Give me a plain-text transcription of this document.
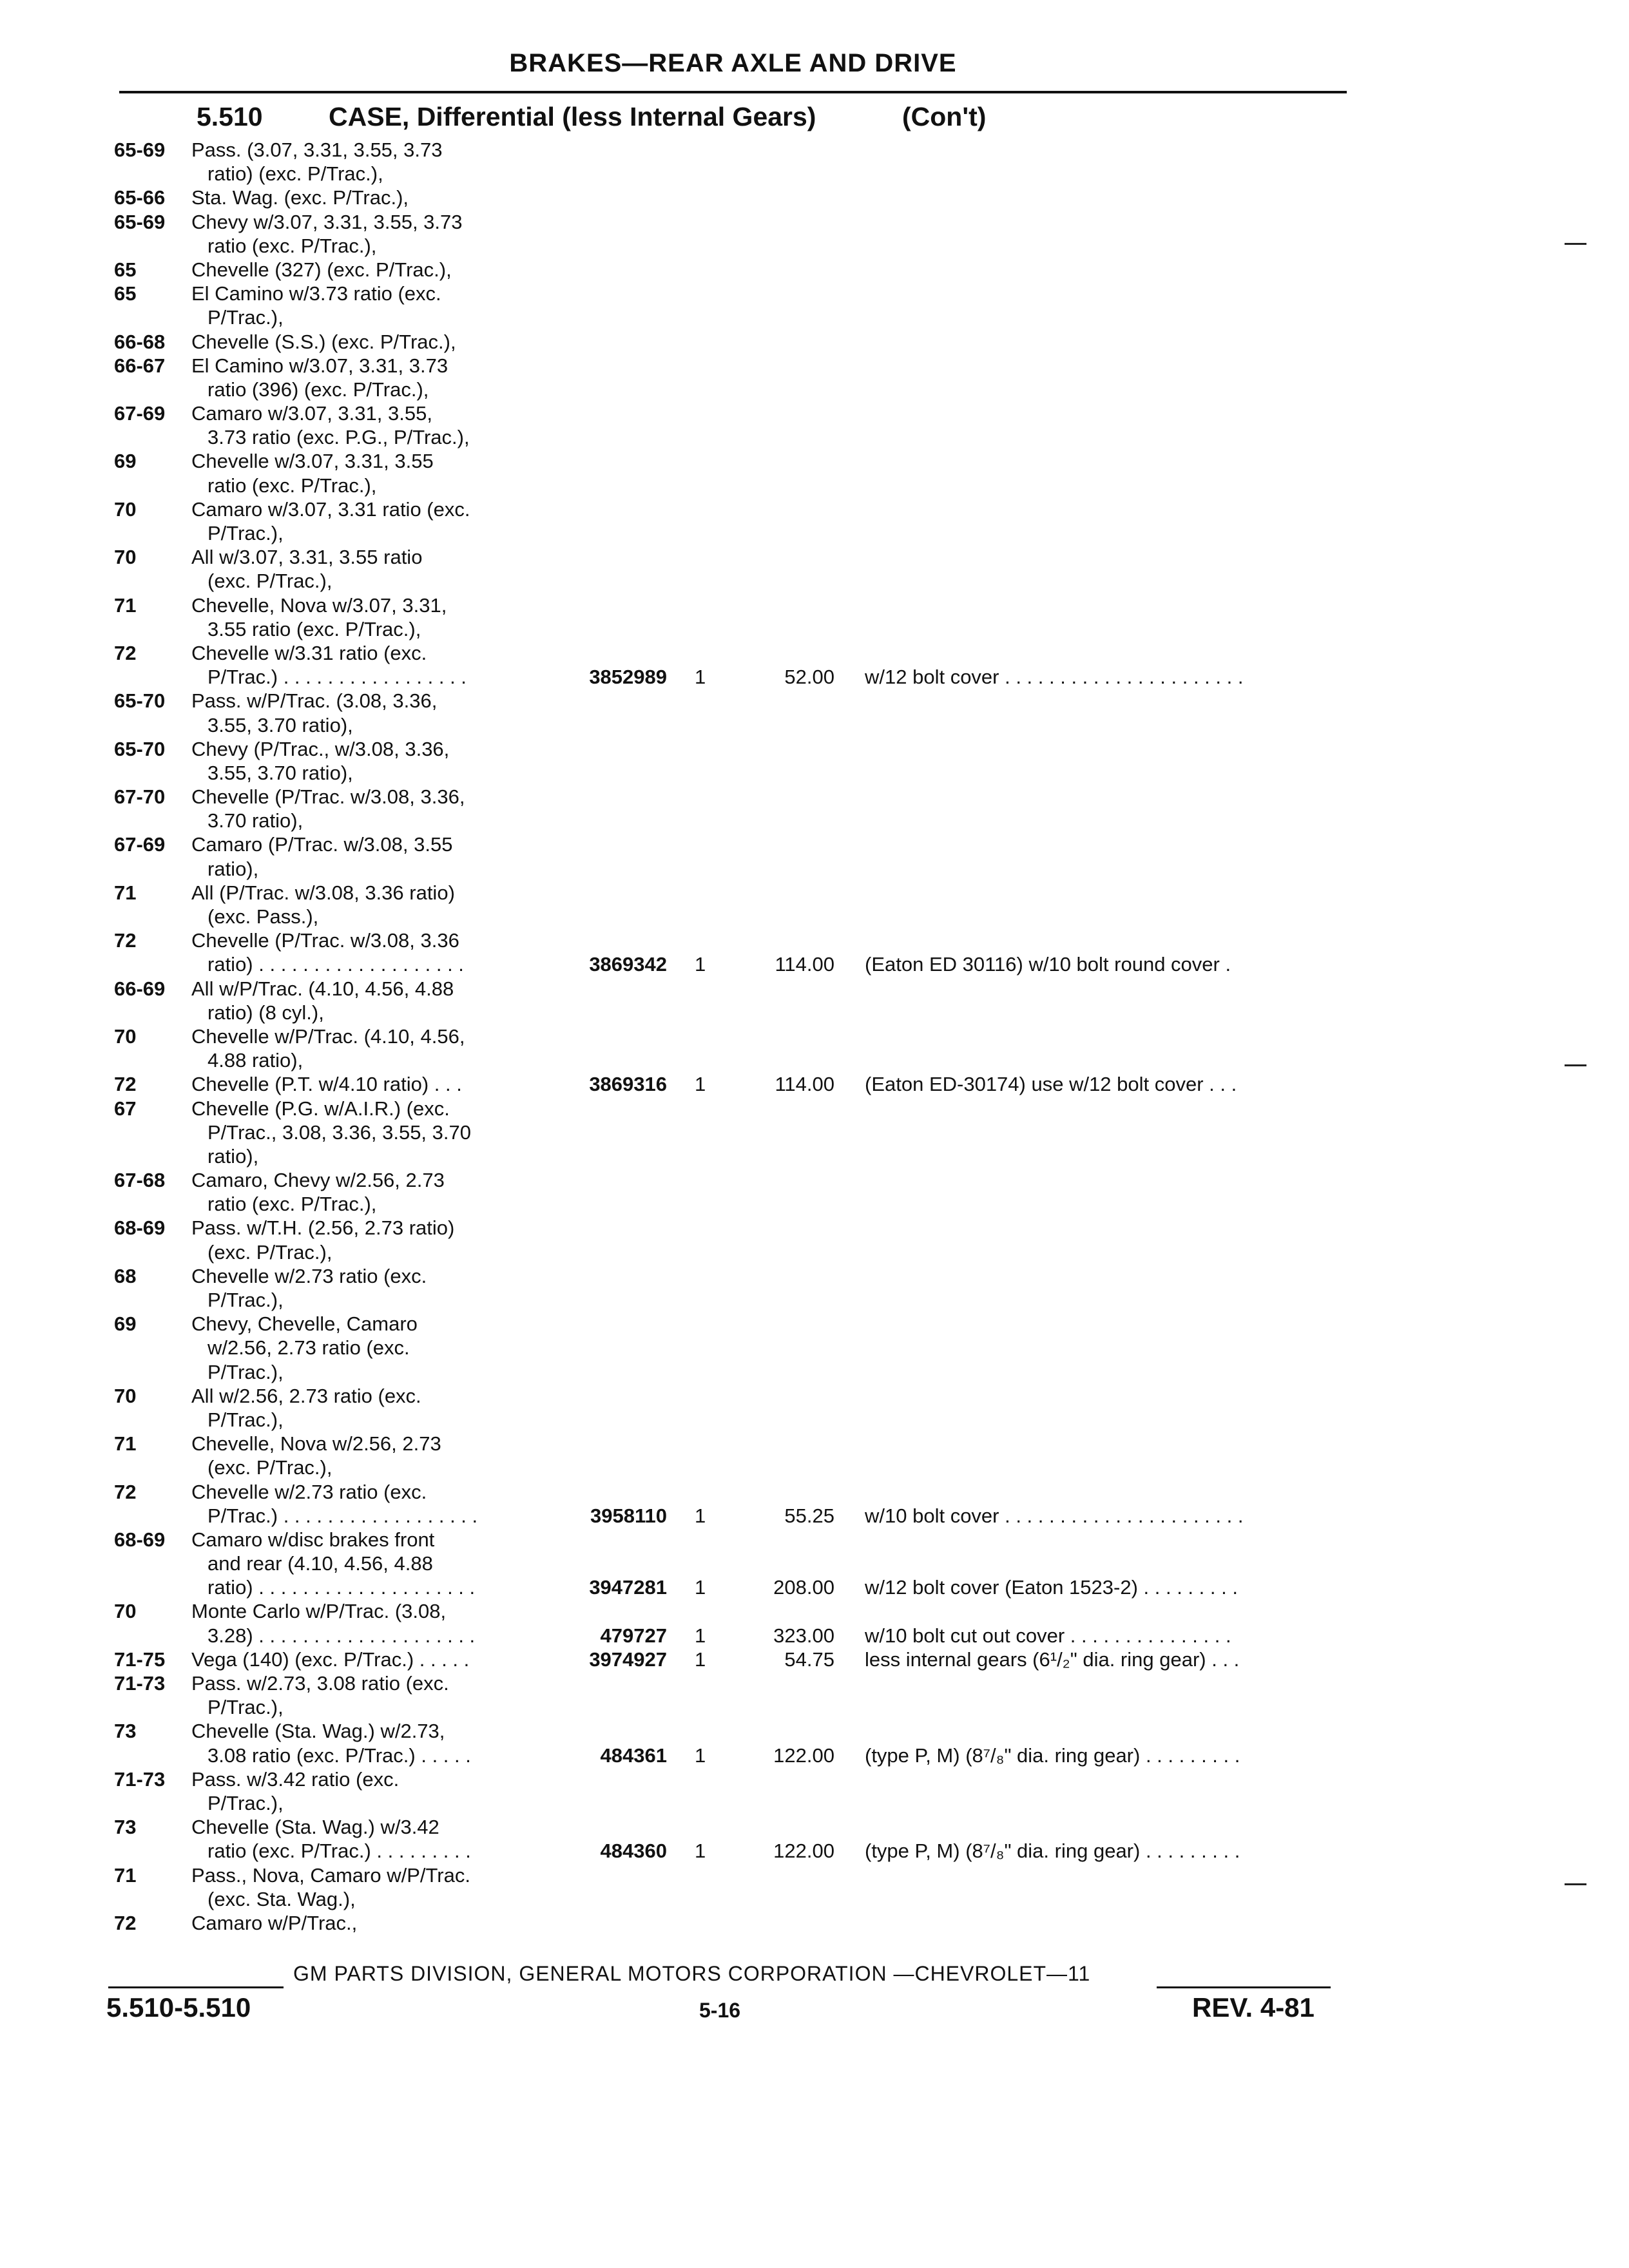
BRAKES—REAR AXLE AND DRIVE
5.510 CASE, Differential (less Internal Gears)	(Con't)
65-69	Pass. (3.07, 3.31, 3.55, 3.73
ratio) (exc. P/Trac.),
65-66	Sta. Wag. (exc. P/Trac.),
65-69	Chevy w/3.07, 3.31, 3.55, 3.73
ratio (exc. P/Trac.),
65	Chevelle (327) (exc. P/Trac.),
65	El Camino w/3.73 ratio (exc.
P/Trac.),
66-68	Chevelle (S.S.) (exc. P/Trac.),
66-67	El Camino w/3.07, 3.31, 3.73
ratio (396) (exc. P/Trac.),
67-69	Camaro w/3.07, 3.31, 3.55,
3.73 ratio (exc. P.G., P/Trac.),
69	Chevelle w/3.07, 3.31, 3.55
ratio (exc. P/Trac.),
70	Camaro w/3.07, 3.31 ratio (exc.
P/Trac.),
70	All w/3.07, 3.31, 3.55 ratio
(exc. P/Trac.),
71	Chevelle, Nova w/3.07, 3.31,
3.55 ratio (exc. P/Trac.),
72	Chevelle w/3.31 ratio (exc.
P/Trac.) . . . . . . . . . . . . . . . . .	3852989 1	52.00 w/12 bolt cover . . . . . . . . . . . . . . . . . . . . . .
65-70	Pass. w/P/Trac. (3.08, 3.36,
3.55, 3.70 ratio),
65-70	Chevy (P/Trac., w/3.08, 3.36,
3.55, 3.70 ratio),
67-70	Chevelle (P/Trac. w/3.08, 3.36,
3.70 ratio),
67-69	Camaro (P/Trac. w/3.08, 3.55
ratio),
71	All (P/Trac. w/3.08, 3.36 ratio)
(exc. Pass.),
72	Chevelle (P/Trac. w/3.08, 3.36
ratio) . . . . . . . . . . . . . . . . . . .	3869342 1	114.00 (Eaton ED 30116) w/10 bolt round cover .
66-69	All w/P/Trac. (4.10, 4.56, 4.88
ratio) (8 cyl.),
70	Chevelle w/P/Trac. (4.10, 4.56,
4.88 ratio),
72	Chevelle (P.T. w/4.10 ratio) . . .	3869316 1	114.00 (Eaton ED-30174) use w/12 bolt cover . . .
67	Chevelle (P.G. w/A.I.R.) (exc.
P/Trac., 3.08, 3.36, 3.55, 3.70
ratio),
67-68	Camaro, Chevy w/2.56, 2.73
ratio (exc. P/Trac.),
68-69	Pass. w/T.H. (2.56, 2.73 ratio)
(exc. P/Trac.),
68	Chevelle w/2.73 ratio (exc.
P/Trac.),
69	Chevy, Chevelle, Camaro
w/2.56, 2.73 ratio (exc.
P/Trac.),
70	All w/2.56, 2.73 ratio (exc.
P/Trac.),
71	Chevelle, Nova w/2.56, 2.73
(exc. P/Trac.),
72	Chevelle w/2.73 ratio (exc.
P/Trac.) . . . . . . . . . . . . . . . . . .	3958110 1	55.25 w/10 bolt cover . . . . . . . . . . . . . . . . . . . . . .
68-69	Camaro w/disc brakes front
and rear (4.10, 4.56, 4.88
ratio) . . . . . . . . . . . . . . . . . . . .	3947281 1	208.00 w/12 bolt cover (Eaton 1523-2) . . . . . . . . .
70	Monte Carlo w/P/Trac. (3.08,
3.28) . . . . . . . . . . . . . . . . . . . .	479727 1	323.00 w/10 bolt cut out cover . . . . . . . . . . . . . . .
71-75	Vega (140) (exc. P/Trac.) . . . . .	3974927 1	54.75 less internal gears (6¹/₂" dia. ring gear) . . .
71-73	Pass. w/2.73, 3.08 ratio (exc.
P/Trac.),
73	Chevelle (Sta. Wag.) w/2.73,
3.08 ratio (exc. P/Trac.) . . . . .	484361 1	122.00 (type P, M) (8⁷/₈" dia. ring gear) . . . . . . . . .
71-73	Pass. w/3.42 ratio (exc.
P/Trac.),
73	Chevelle (Sta. Wag.) w/3.42
ratio (exc. P/Trac.) . . . . . . . . .	484360 1	122.00 (type P, M) (8⁷/₈" dia. ring gear) . . . . . . . . .
71	Pass., Nova, Camaro w/P/Trac.
(exc. Sta. Wag.),
72	Camaro w/P/Trac.,
GM PARTS DIVISION, GENERAL MOTORS CORPORATION —CHEVROLET—11
5.510-5.510	5-16	REV. 4-81
